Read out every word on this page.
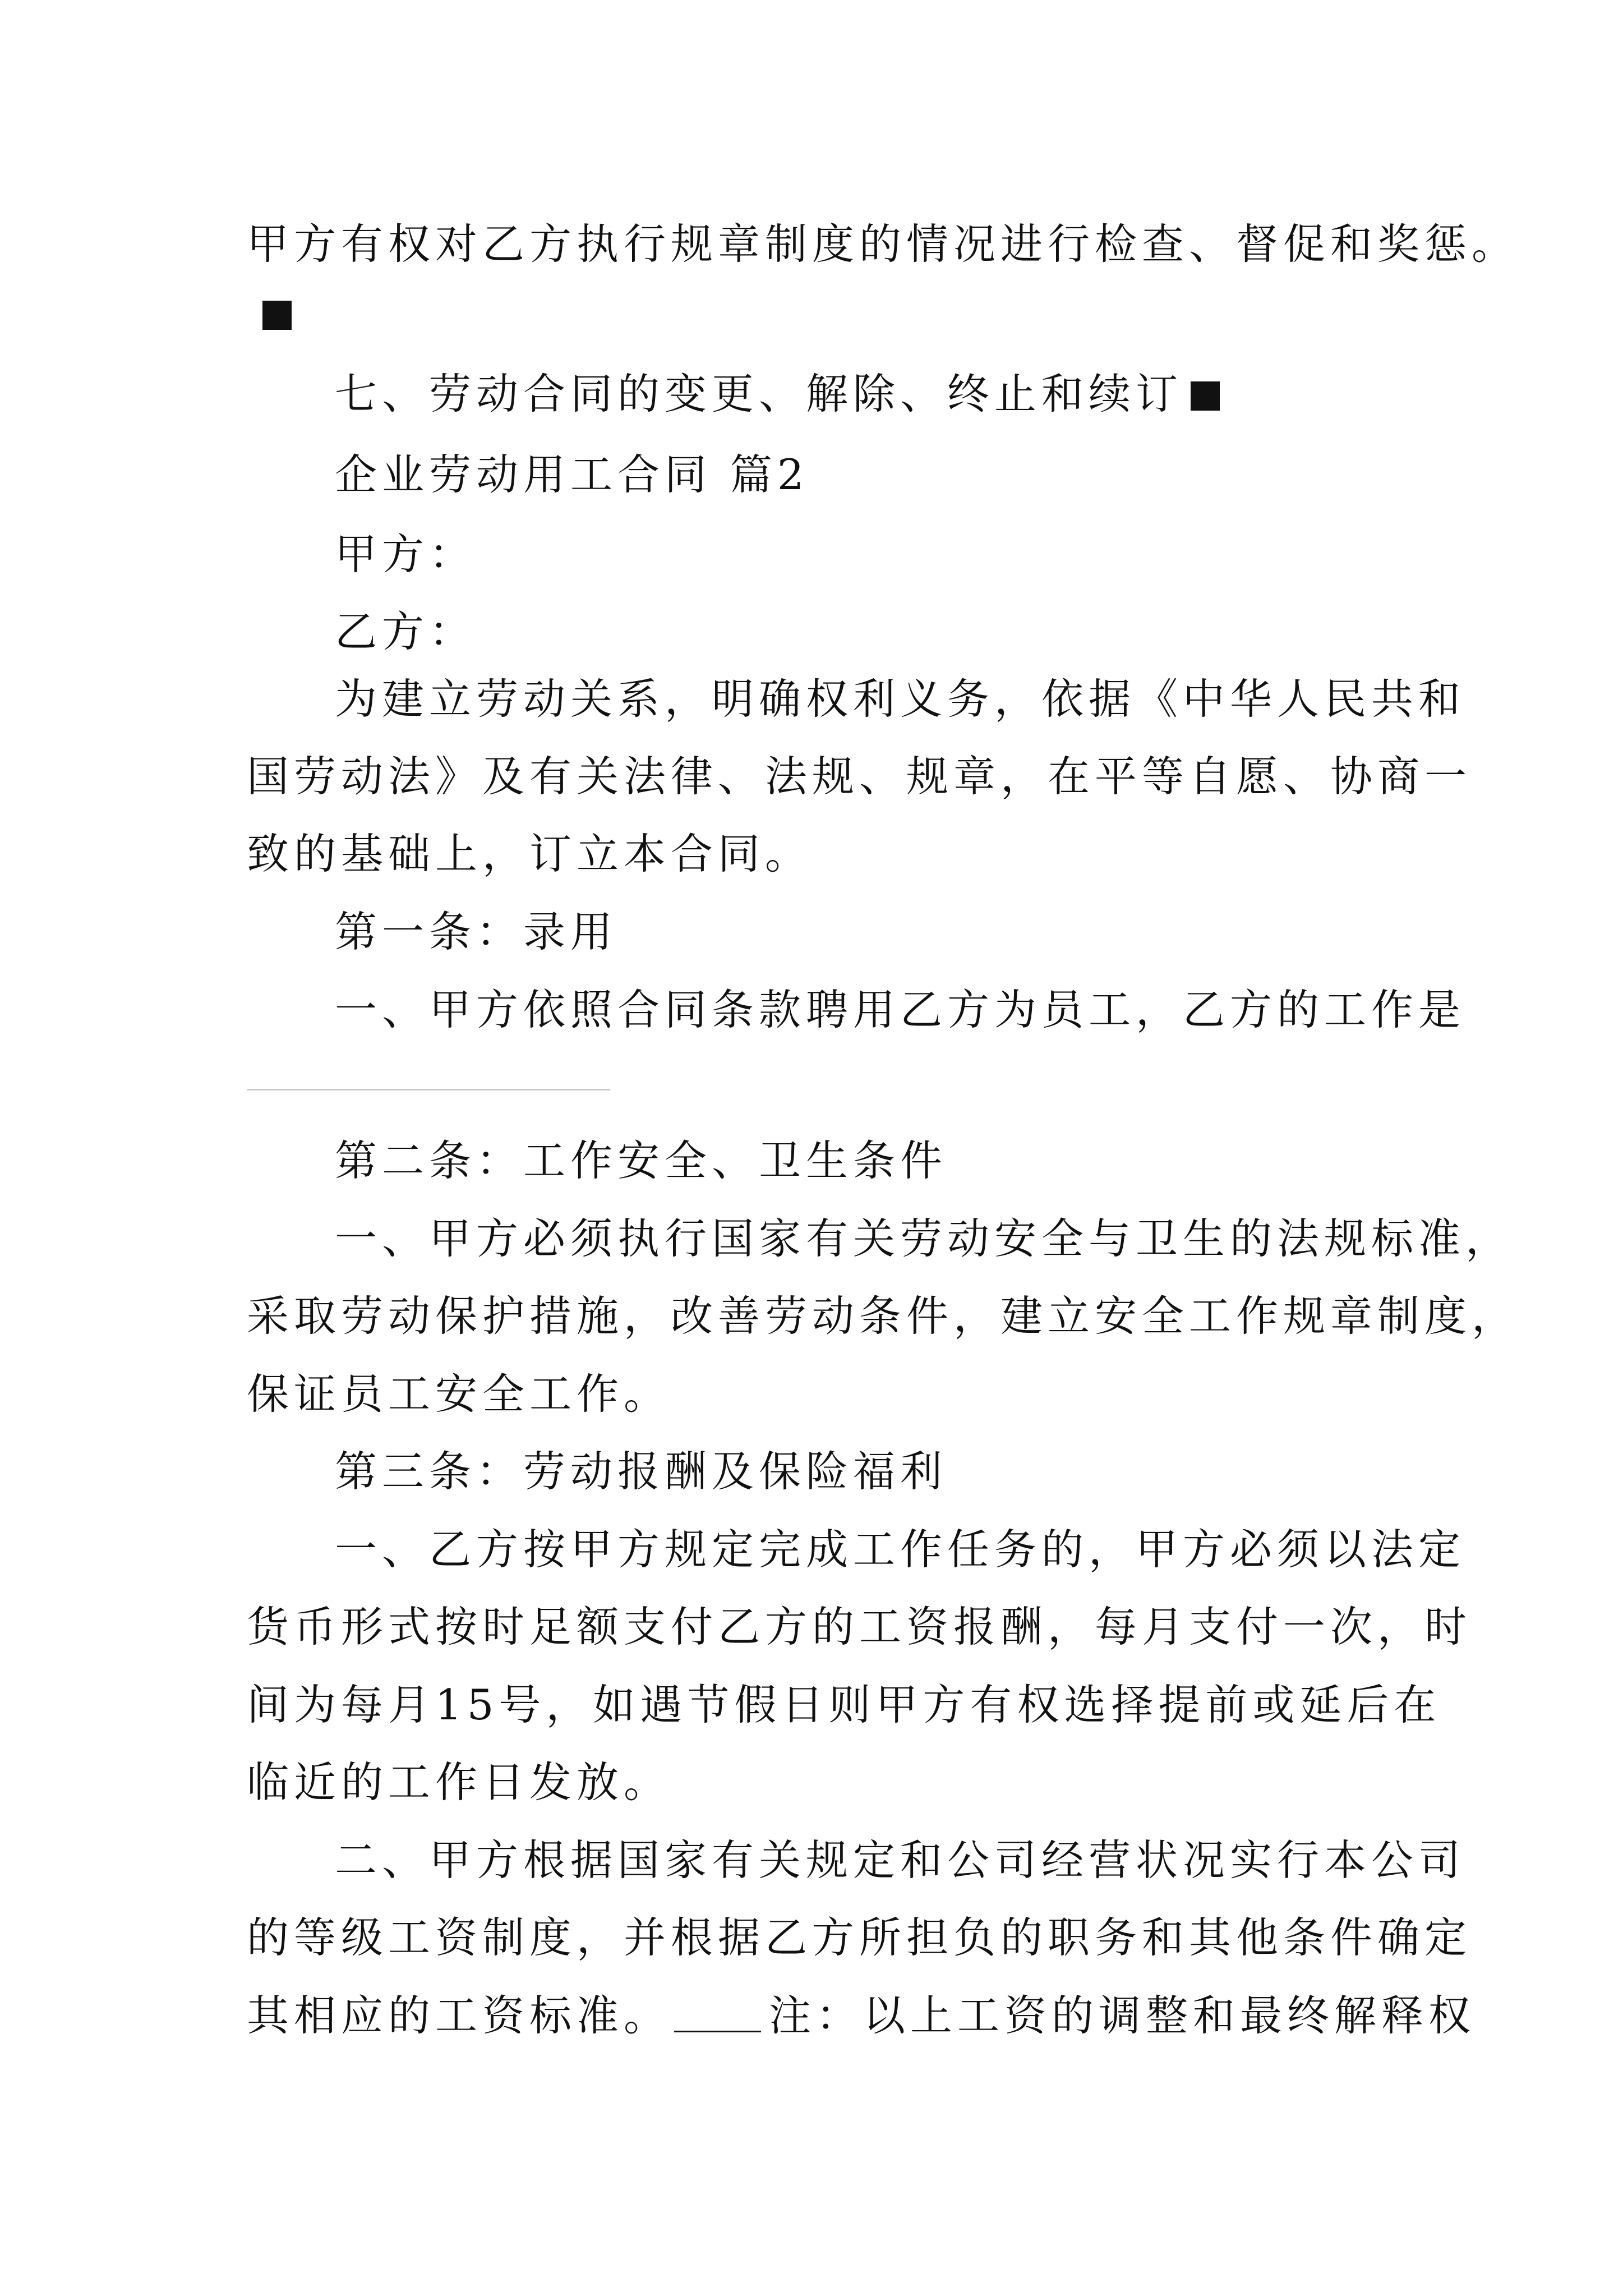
甲方有权对乙方执行规章制度的情况进行检查、督促和奖惩。
七、劳动合同的变更、解除、终止和续订
企业劳动用工合同 篇2
甲方：
乙方：
为建立劳动关系，明确权利义务，依据《中华人民共和
国劳动法》及有关法律、法规、规章，在平等自愿、协商一
致的基础上，订立本合同。
第一条：录用
一、甲方依照合同条款聘用乙方为员工，乙方的工作是
第二条：工作安全、卫生条件
一、甲方必须执行国家有关劳动安全与卫生的法规标准，
采取劳动保护措施，改善劳动条件，建立安全工作规章制度，
保证员工安全工作。
第三条：劳动报酬及保险福利
一、乙方按甲方规定完成工作任务的，甲方必须以法定
货币形式按时足额支付乙方的工资报酬，每月支付一次，时
间为每月15号，如遇节假日则甲方有权选择提前或延后在
临近的工作日发放。
二、甲方根据国家有关规定和公司经营状况实行本公司
的等级工资制度，并根据乙方所担负的职务和其他条件确定
其相应的工资标准。 注：以上工资的调整和最终解释权
